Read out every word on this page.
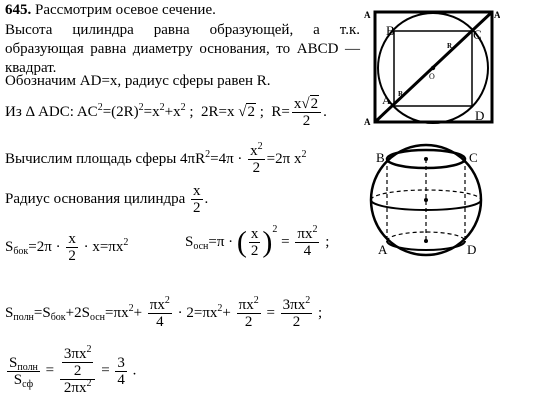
645. Рассмотрим осевое сечение.
Высота цилиндра равна образующей, а т.к. образующая равна диаметру основания, то ABCD — квадрат.
Обозначим AD=x, радиус сферы равен R.
Из Δ ADC: $AC^2=(2R)^2=x^2+x^2$ ; 2R=x √2 ; $R= \frac{x√2}{2}$ .
Вычислим площадь сферы $4\pi R^2=4\pi \cdot \frac{x^2}{2} =2\pi$ $x^2$
Радиус основания цилиндра $\frac{x}{2}$ .
$S_{бок}=2\pi \cdot \frac{x}{2} \cdot x=\pi x^2$	$S_{осн}=\pi$ · ( $\frac{x}{2} )^2 = \frac{\pi x^2}{4}$ ;
$S_{полн}=S_{бок}+2S_{осн}=\pi x^2+ \frac{\pi x^2}{4} \cdot 2=\pi x^2+ \frac{\pi x^2}{2} = \frac{3\pi x^2}{2}$ ;
$\frac{S_{полн}}{S_{сф}} = \frac{\frac{3\pi x^2}{2}}{2\pi x^2} = \frac{3}{4}$ .
A	A
A
A
B	C
D
O
R
R
B	C
A	D
